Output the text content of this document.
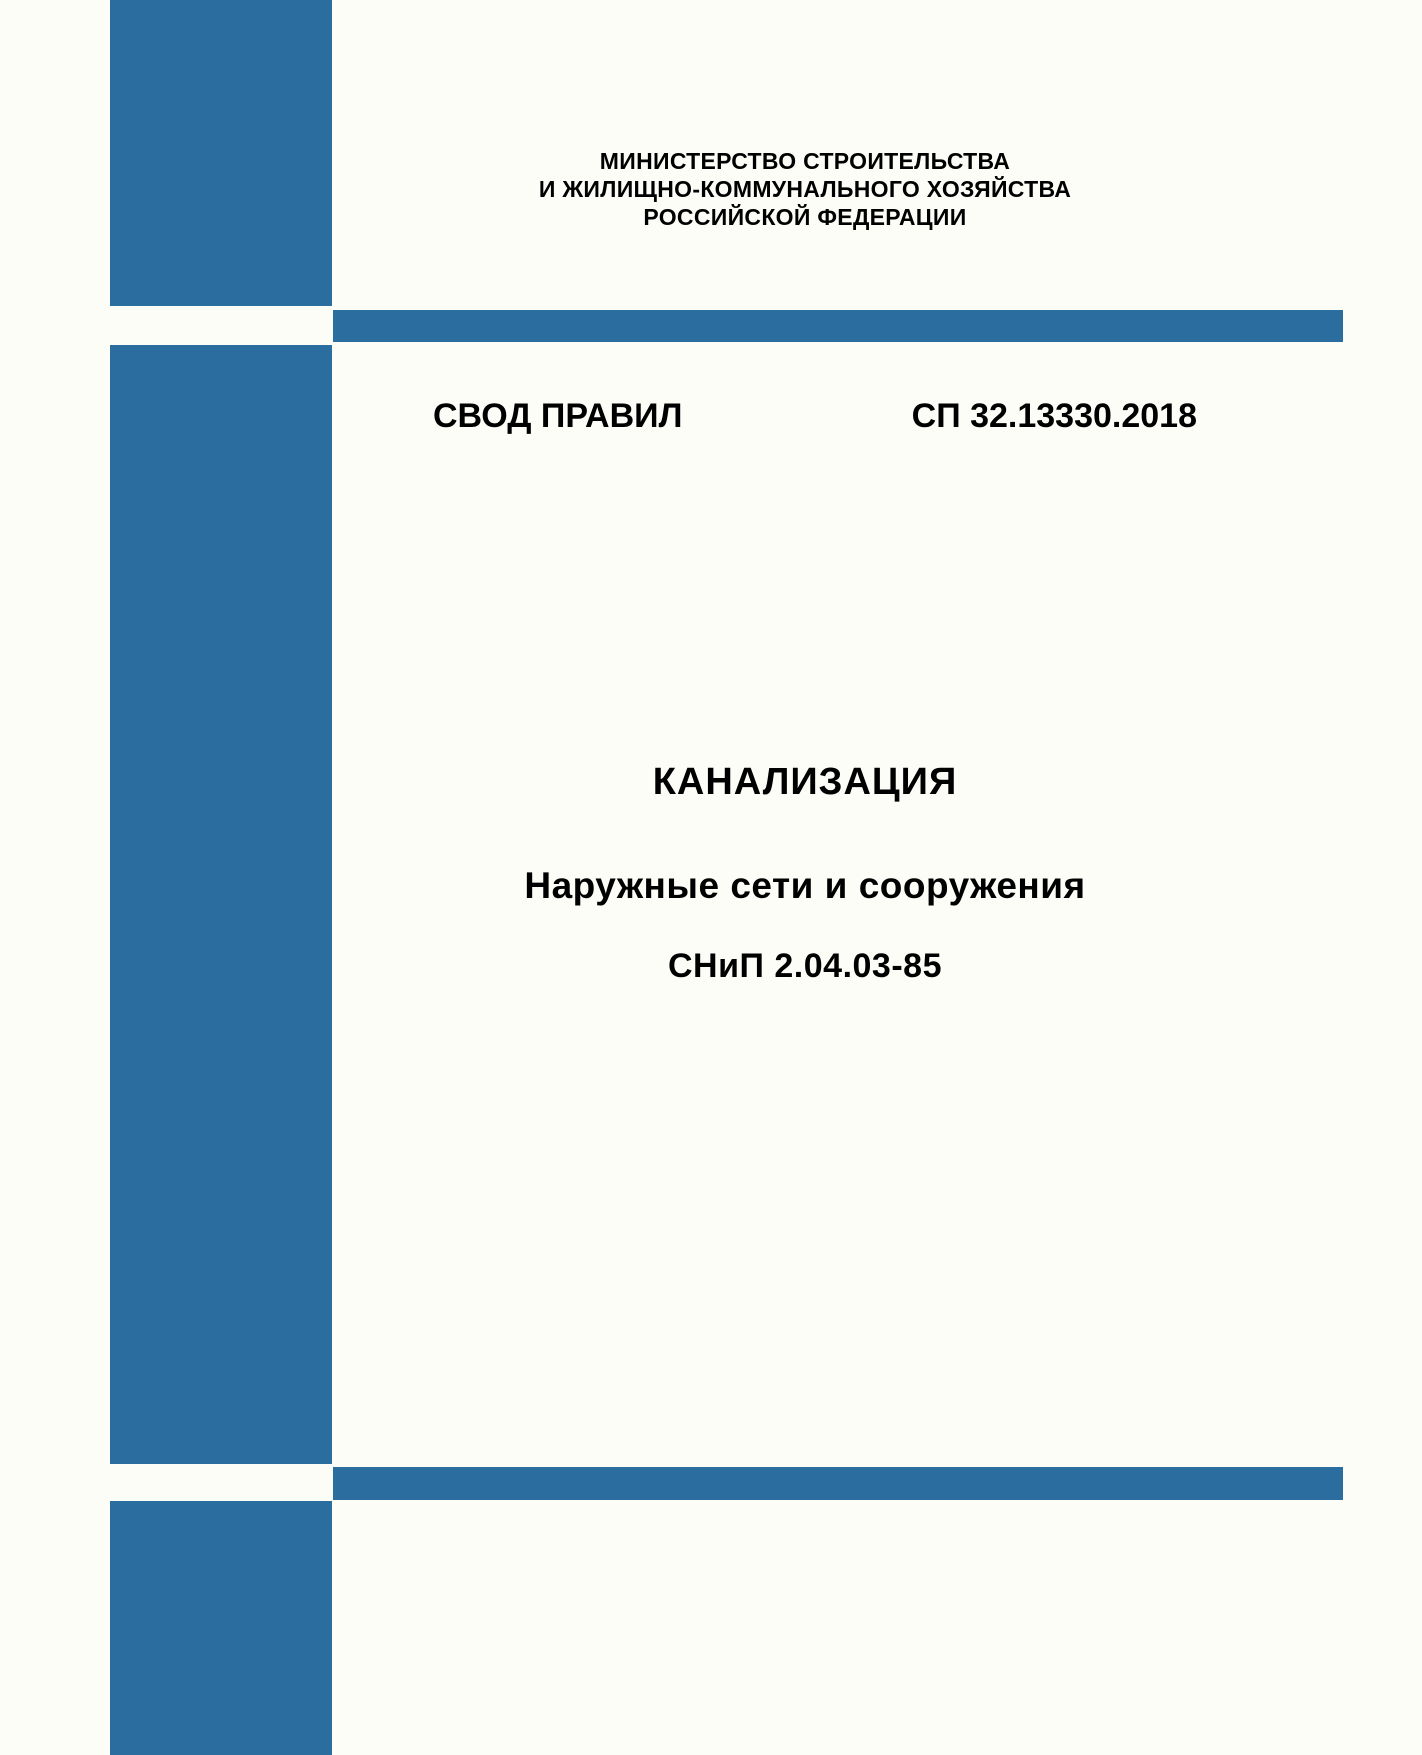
МИНИСТЕРСТВО СТРОИТЕЛЬСТВА
И ЖИЛИЩНО-КОММУНАЛЬНОГО ХОЗЯЙСТВА
РОССИЙСКОЙ ФЕДЕРАЦИИ
СВОД ПРАВИЛ	СП 32.13330.2018
КАНАЛИЗАЦИЯ
Наружные сети и сооружения
СНиП 2.04.03-85
